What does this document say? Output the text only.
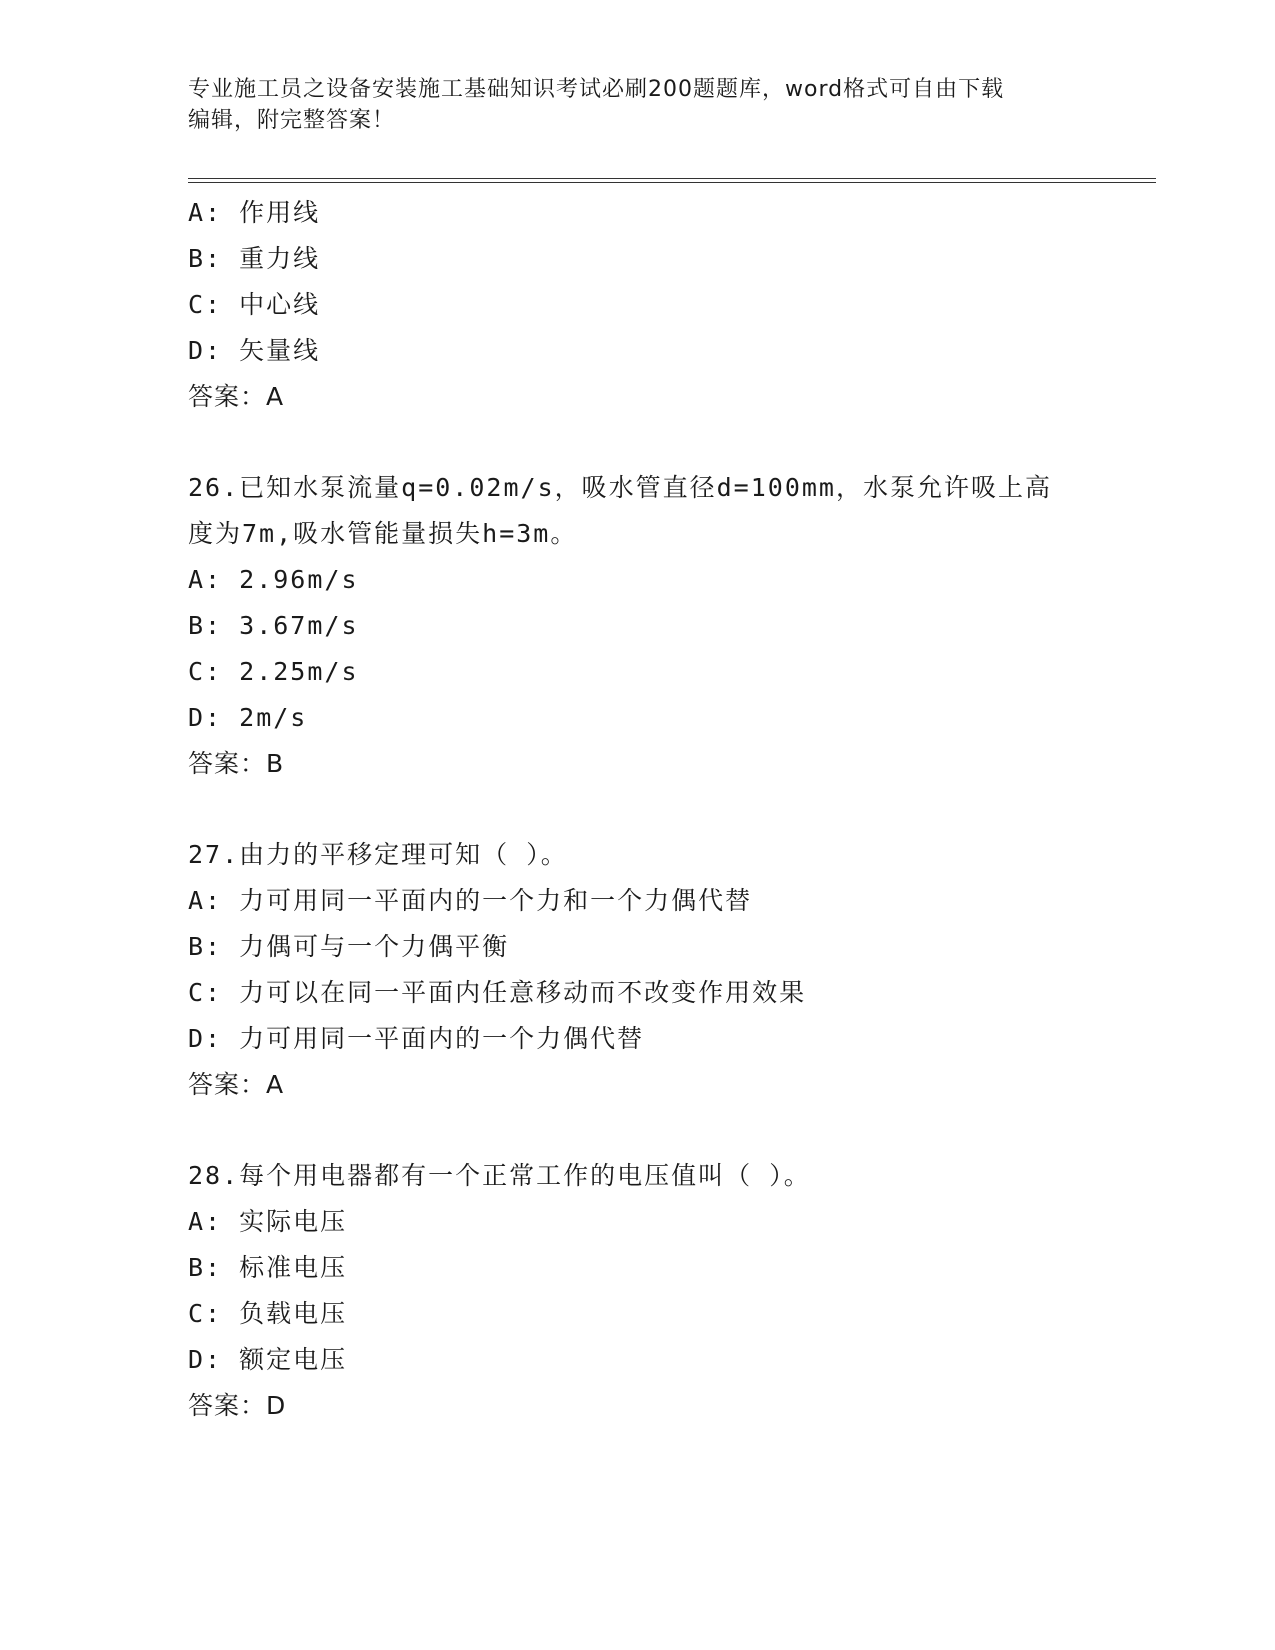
专业施工员之设备安装施工基础知识考试必刷200题题库，word格式可自由下载
编辑，附完整答案！
A: 作用线
B: 重力线
C: 中心线
D: 矢量线
答案：A
26.已知水泵流量q=0.02m/s，吸水管直径d=100mm，水泵允许吸上高
度为7m,吸水管能量损失h=3m。
A: 2.96m/s
B: 3.67m/s
C: 2.25m/s
D: 2m/s
答案：B
27.由力的平移定理可知（ ）。
A: 力可用同一平面内的一个力和一个力偶代替
B: 力偶可与一个力偶平衡
C: 力可以在同一平面内任意移动而不改变作用效果
D: 力可用同一平面内的一个力偶代替
答案：A
28.每个用电器都有一个正常工作的电压值叫（ ）。
A: 实际电压
B: 标准电压
C: 负载电压
D: 额定电压
答案：D
